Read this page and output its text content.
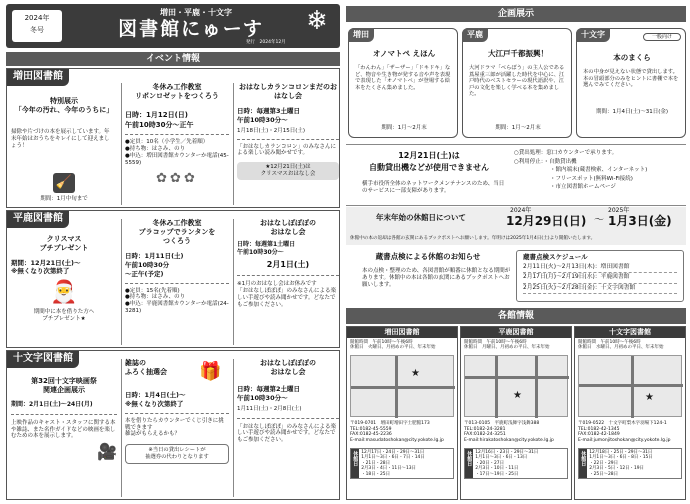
2024年
冬号
増田・平鹿・十文字
図書館にゅーす
発行　2024年12月
❄
イベント情報
増田図書館
特別展示
「今年の汚れ、今年のうちに」
掃除や片づけの本を展示しています。年末年始はおうちをキレイにして迎えましょう！
🧹
期間：1月中旬まで
冬休み工作教室
リボンロゼットをつくろう
日時：1月12日(日)
午前10時30分～正午
●定員：10名（小学生／先着順）
●持ち物：はさみ、のり
●申込：増田図書館カウンターか電話(45-5559)
✿✿✿
おはなしカランコロンまだのおはなし会
日時：毎週第3土曜日
午前10時30分～
1月18日(土)・2月15日(土)
「おはなしカランコロン」のみなさんによる楽しい読み聞かせです。
★12月21日(土)は
クリスマスおはなし会
平鹿図書館
クリスマス
ブチプレゼント
期間：12月21日(土)～
※無くなり次第終了
🎅
期間中に本を借りた方へ
プチプレゼント★
冬休み工作教室
プラコップでランタンを
つくろう
日時：1月11日(土)
午前10時30分
～正午(予定)
●定員：15名(先着順)
●持ち物：はさみ、のり
●申込：平鹿図書館カウンターか電話(24-3281)
おはなしぽぽぽの
おはなし会
日時：毎週第1土曜日
午前10時30分～
2月1日(土)
※1月のおはなし会はお休みです
「おはなしぽぽぽ」のみなさんによる楽しい手遊びや読み聞かせです。どなたでもご参加ください。
十文字図書館
第32回十文字映画祭
関連企画展示
期間：2月1日(土)～24日(月)
上映作品のキャスト・スタッフに関する本や雑誌、また名作ガイドなどの映画を楽しむための本を展示します。
🎥
雑誌の
ふろく抽選会	🎁
日時：1月4日(土)～
※無くなり次第終了
本を借りたらカウンターでくじ引きに挑戦できます
雑誌がもらえるかも？
※当日の貸出レシートが
抽選券の代わりとなります
おはなしぽぽぽの
おはなし会
日時：毎週第2土曜日
午前10時30分～
1月11日(土)・2月8日(土)
「おはなしぽぽぽ」のみなさんによる楽しい手遊びや読み聞かせです。どなたでもご参加ください。
企画展示
増田
オノマトペ えほん
「わんわん」「ザーザー」「ドキドキ」など、物音や生き物が発する音や声を表現で表現した「オノマトペ」が登場する絵本をたくさん集めました。
期間：1月～2月末
平鹿
大江戸千都振興！
大河ドラマ「べらぼう」の主人公である蔦屋重三郎が活躍した時代を中心に、江戸時代のベストセラーの現代語訳や、江戸の文化を楽しく学べる本を集めました。
期間：1月～2月末
十文字	一般向け
本のまくら
本の中身が見えない状態で貸出します。
本の冒頭部分のみをヒントに書棚で本を選んでみてください。
期間：1月4日(土)～31日(金)
12月21日(土)は
自動貸出機などが使用できません
横手市役所全体のネットワークメンテナンスのため、当日のサービスに一部支障があります。
○貸出処理：窓口カウンターで承ります。
○利用停止：・自動貸出機
・館内端末(蔵書検索、インターネット)
・フリースポット(無料Wi-Fi接続)
・市立図書館ホームページ
年末年始の休館日について
2024年
12月29日(日) ～
2025年
1月3日(金)
休館中の本の返却は各館の玄関にあるブックポストへお願いします。年明けは2025年1月4日(土)より開館いたします。
蔵書点検による休館のお知らせ
本の点検・整理のため、各図書館が順番に休館となる期間があります。休館中の本は各館の玄関にあるブックポストへお願いします。
蔵書点検スケジュール
2月11日(火)～2月13日(木)：増田図書館
2月17日(月)～2月19日(水)：平鹿図書館
2月25日(火)～2月28日(金)：十文字図書館
各館情報
増田図書館
開館時間　午前10時～午後6時
休館日　火曜日、月初めの平日、年末年始
★
〒019-0701　増田町増田字土肥館173
TEL:0182-45-5559
FAX:0182-45-2236
E-mail:masudatoshokan@city.yokote.lg.jp
休館日 12月17日・24日・29日～31日
1月1日～3日・6日・7日・14日
・21日・28日
2月3日・4日・11日～13日
・18日・25日
平鹿図書館
開館時間　午前10時～午後6時
休館日　月曜日、月初めの平日、年末年始
★
〒013-0105　平鹿町浅舞字浅舞388
TEL:0182-24-3281
FAX:0182-24-3251
E-mail:hirakatoshokan@city.yokote.lg.jp
休館日 12月16日・23日・29日～31日
1月1日～3日・6日・13日
・20日・27日
2月3日・10日・11日
・17日～19日・25日
十文字図書館
開館時間　午前10時～午後6時
休館日　水曜日、月初めの平日、年末年始
★
〒019-0522　十文字町梨木字羽場下124-1
TEL:0182-42-1345
FAX:0182-42-1849
E-mail:jumonjitoshokan@city.yokote.lg.jp
休館日 12月18日・25日・29日～31日
1月1日～3日・6日・8日・15日
・22日・29日
2月3日・5日・12日・19日
・25日～28日
